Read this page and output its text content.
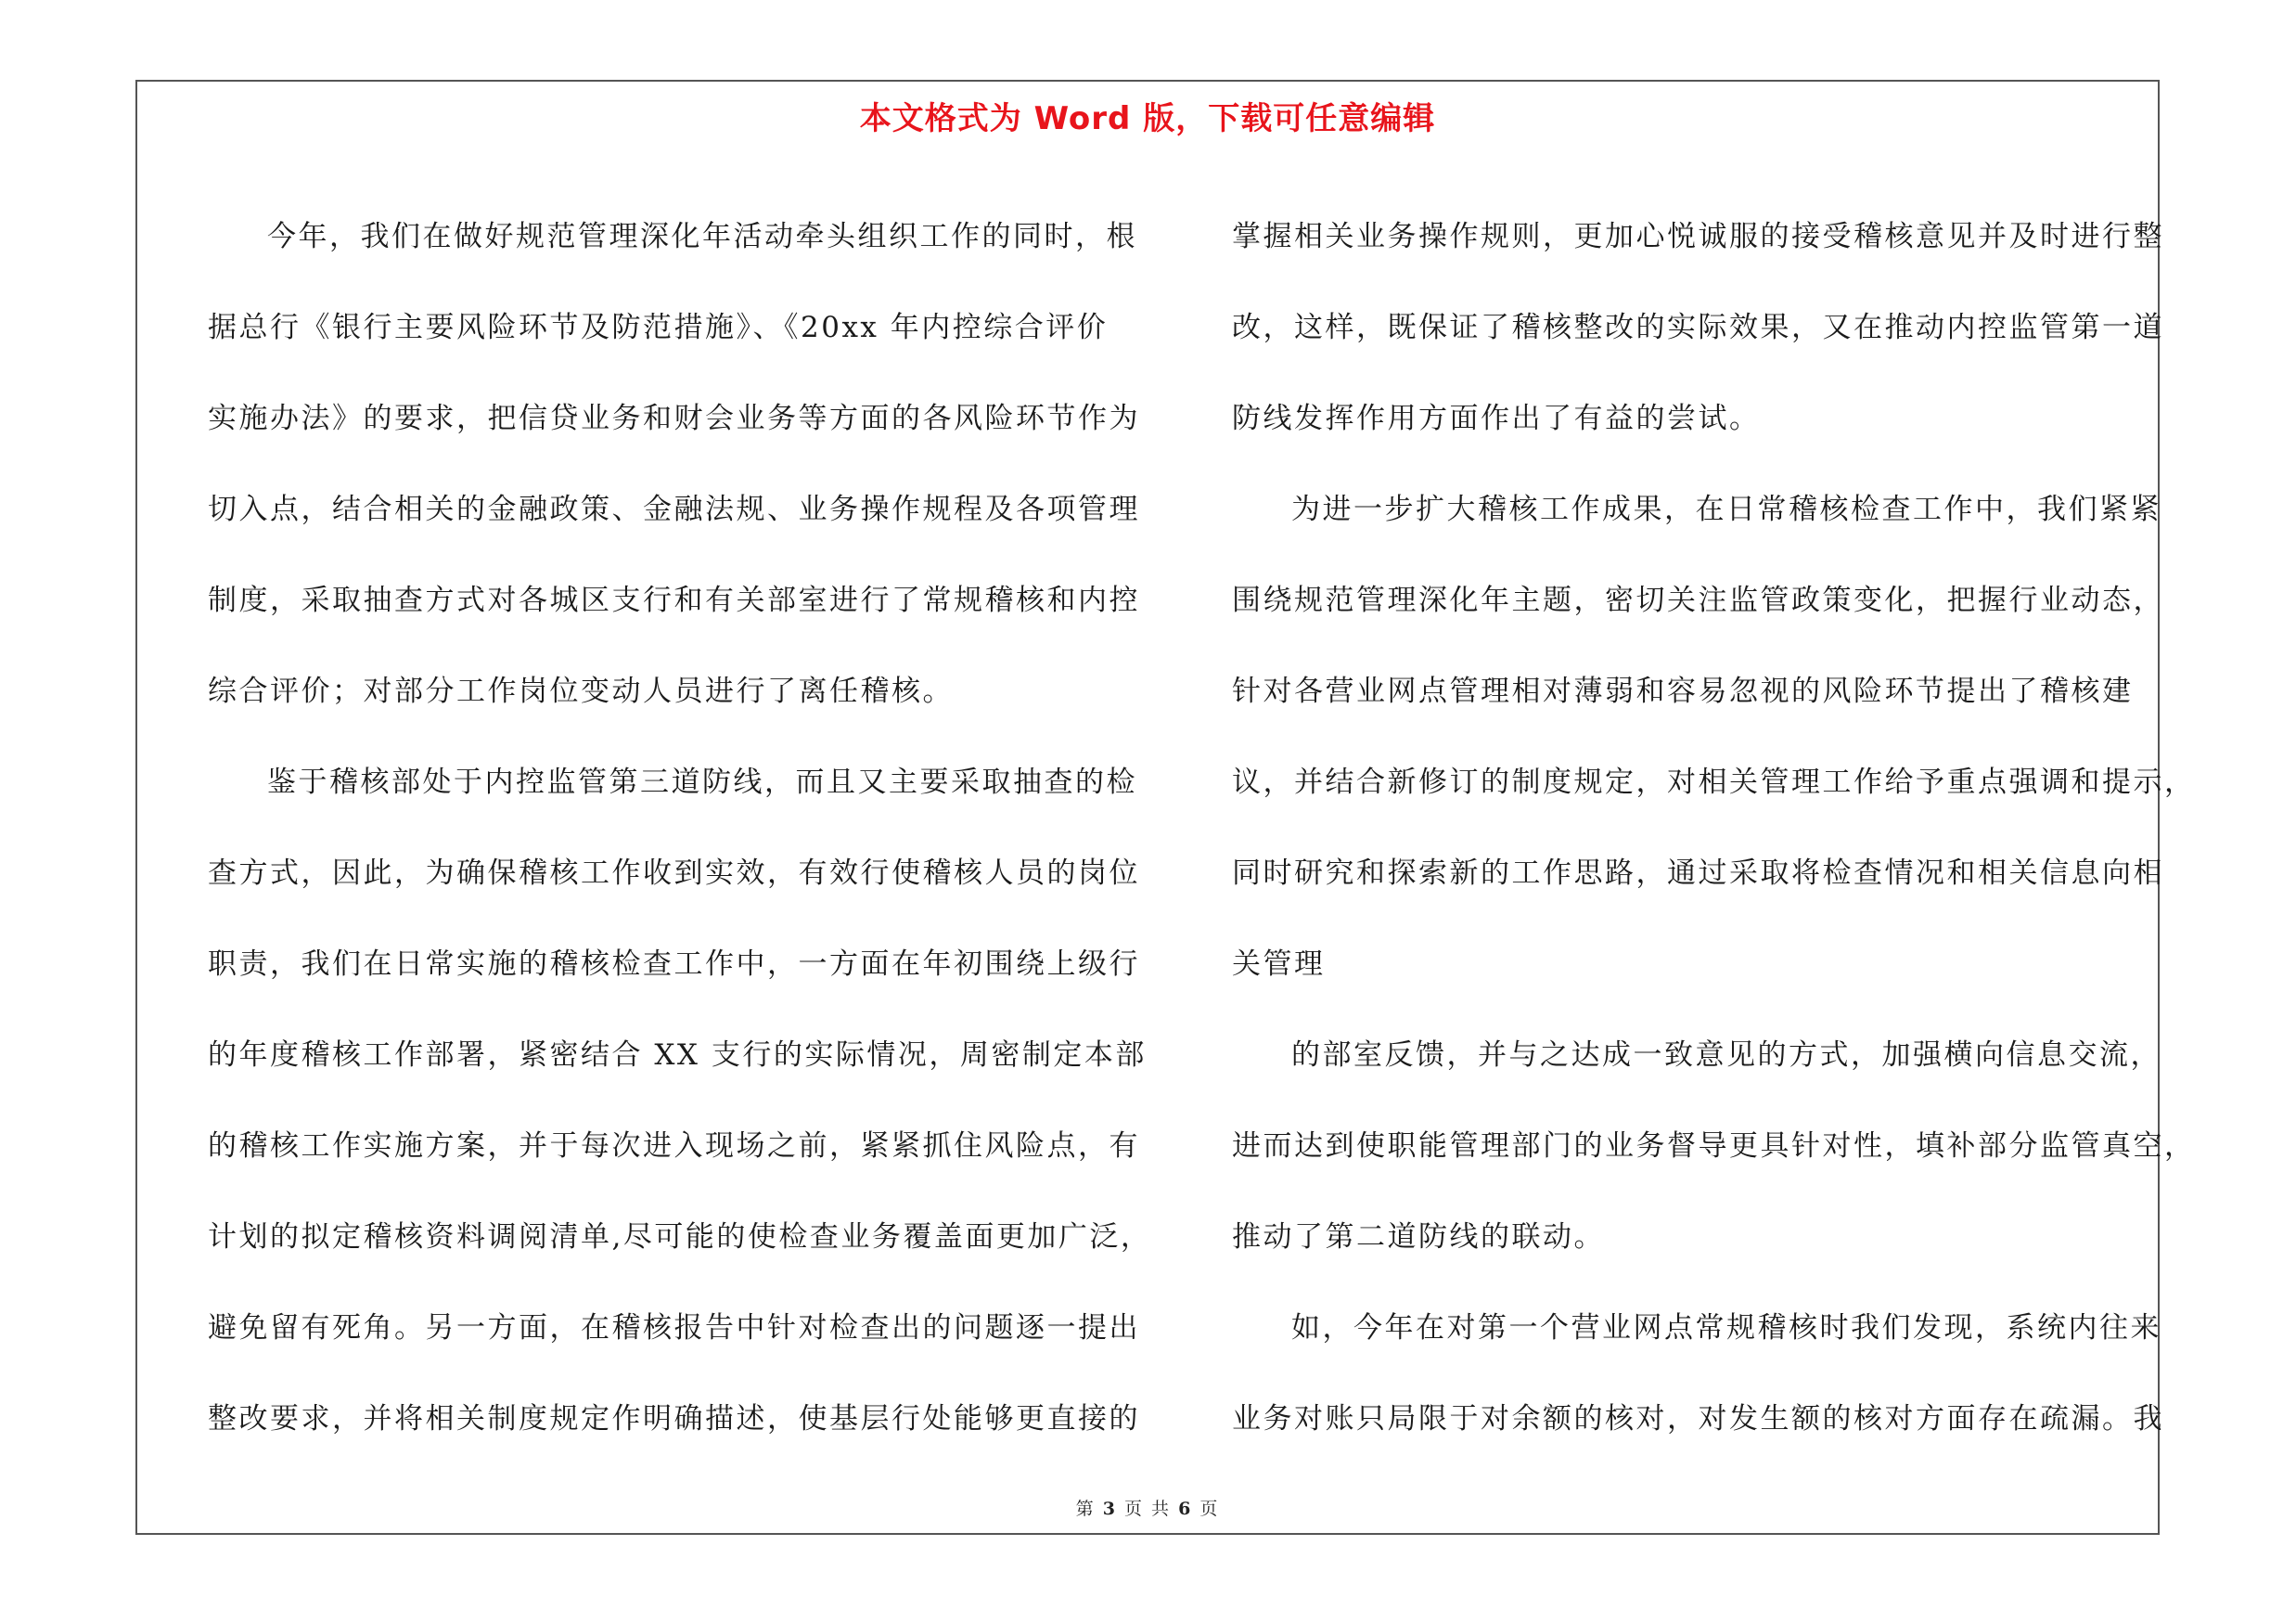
本文格式为 Word 版，下载可任意编辑
今年，我们在做好规范管理深化年活动牵头组织工作的同时，根
据总行《银行主要风险环节及防范措施》、《20xx 年内控综合评价
实施办法》的要求，把信贷业务和财会业务等方面的各风险环节作为
切入点，结合相关的金融政策、金融法规、业务操作规程及各项管理
制度，采取抽查方式对各城区支行和有关部室进行了常规稽核和内控
综合评价；对部分工作岗位变动人员进行了离任稽核。
鉴于稽核部处于内控监管第三道防线，而且又主要采取抽查的检
查方式，因此，为确保稽核工作收到实效，有效行使稽核人员的岗位
职责，我们在日常实施的稽核检查工作中，一方面在年初围绕上级行
的年度稽核工作部署，紧密结合 XX 支行的实际情况，周密制定本部
的稽核工作实施方案，并于每次进入现场之前，紧紧抓住风险点，有
计划的拟定稽核资料调阅清单,尽可能的使检查业务覆盖面更加广泛，
避免留有死角。另一方面，在稽核报告中针对检查出的问题逐一提出
整改要求，并将相关制度规定作明确描述，使基层行处能够更直接的
掌握相关业务操作规则，更加心悦诚服的接受稽核意见并及时进行整
改，这样，既保证了稽核整改的实际效果，又在推动内控监管第一道
防线发挥作用方面作出了有益的尝试。
为进一步扩大稽核工作成果，在日常稽核检查工作中，我们紧紧
围绕规范管理深化年主题，密切关注监管政策变化，把握行业动态，
针对各营业网点管理相对薄弱和容易忽视的风险环节提出了稽核建
议，并结合新修订的制度规定，对相关管理工作给予重点强调和提示，
同时研究和探索新的工作思路，通过采取将检查情况和相关信息向相
关管理
的部室反馈，并与之达成一致意见的方式，加强横向信息交流，
进而达到使职能管理部门的业务督导更具针对性，填补部分监管真空，
推动了第二道防线的联动。
如，今年在对第一个营业网点常规稽核时我们发现，系统内往来
业务对账只局限于对余额的核对，对发生额的核对方面存在疏漏。我
第 3 页 共 6 页
